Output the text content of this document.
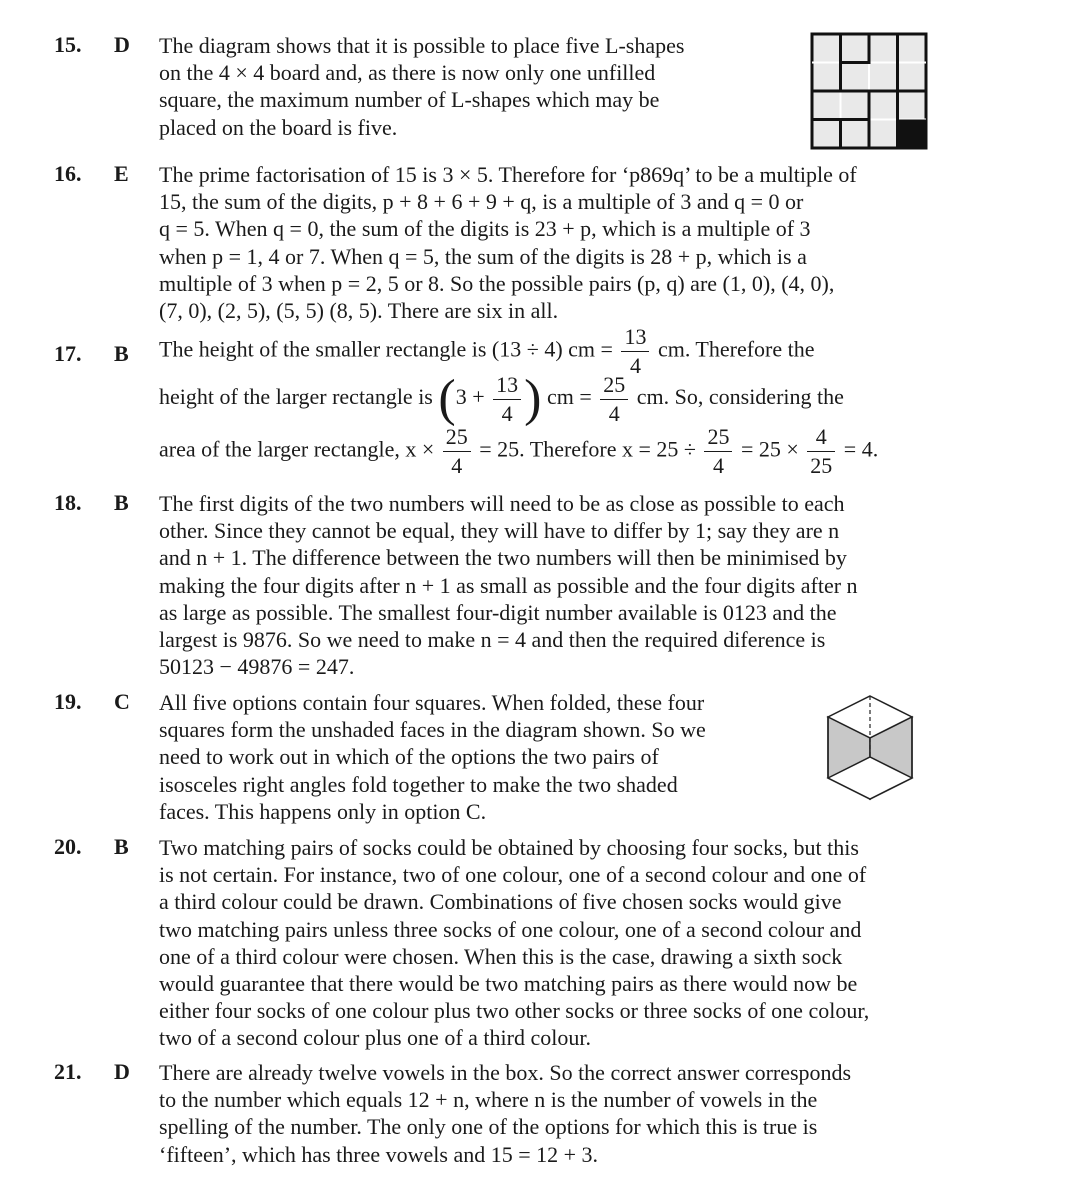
15. D The diagram shows that it is possible to place five L-shapes

on the 4 × 4 board and, as there is now only one unfilled

square, the maximum number of L-shapes which may be

placed on the board is five.

16. E The prime factorisation of 15 is 3 × 5. Therefore for ‘p869q’ to be a multiple of

15, the sum of the digits, p + 8 + 6 + 9 + q, is a multiple of 3 and q = 0 or

q = 5. When q = 0, the sum of the digits is 23 + p, which is a multiple of 3

when p = 1, 4 or 7. When q = 5, the sum of the digits is 28 + p, which is a

multiple of 3 when p = 2, 5 or 8. So the possible pairs (p, q) are (1, 0), (4, 0),

(7, 0), (2, 5), (5, 5) (8, 5). There are six in all.

17. B The height of the smaller rectangle is (13 ÷ 4) cm = $\frac{13}{4}$ cm. Therefore the
height of the larger rectangle is ($3 + \frac{13}{4}$ ) cm = $\frac{25}{4}$ cm. So, considering the
area of the larger rectangle, $x \times \frac{25}{4} = 25$. Therefore $x = 25 \div \frac{25}{4} = 25 \times \frac{4}{25} = 4$.
18. B The first digits of the two numbers will need to be as close as possible to each

other. Since they cannot be equal, they will have to differ by 1; say they are n

and n + 1. The difference between the two numbers will then be minimised by

making the four digits after n + 1 as small as possible and the four digits after n

as large as possible. The smallest four-digit number available is 0123 and the

largest is 9876. So we need to make n = 4 and then the required diference is

50123 − 49876 = 247.

19. C All five options contain four squares. When folded, these four

squares form the unshaded faces in the diagram shown. So we

need to work out in which of the options the two pairs of

isosceles right angles fold together to make the two shaded

faces. This happens only in option C.

20. B Two matching pairs of socks could be obtained by choosing four socks, but this

is not certain. For instance, two of one colour, one of a second colour and one of

a third colour could be drawn. Combinations of five chosen socks would give

two matching pairs unless three socks of one colour, one of a second colour and

one of a third colour were chosen. When this is the case, drawing a sixth sock

would guarantee that there would be two matching pairs as there would now be

either four socks of one colour plus two other socks or three socks of one colour,

two of a second colour plus one of a third colour.

21. D There are already twelve vowels in the box. So the correct answer corresponds

to the number which equals 12 + n, where n is the number of vowels in the

spelling of the number. The only one of the options for which this is true is

‘fifteen’, which has three vowels and 15 = 12 + 3.
